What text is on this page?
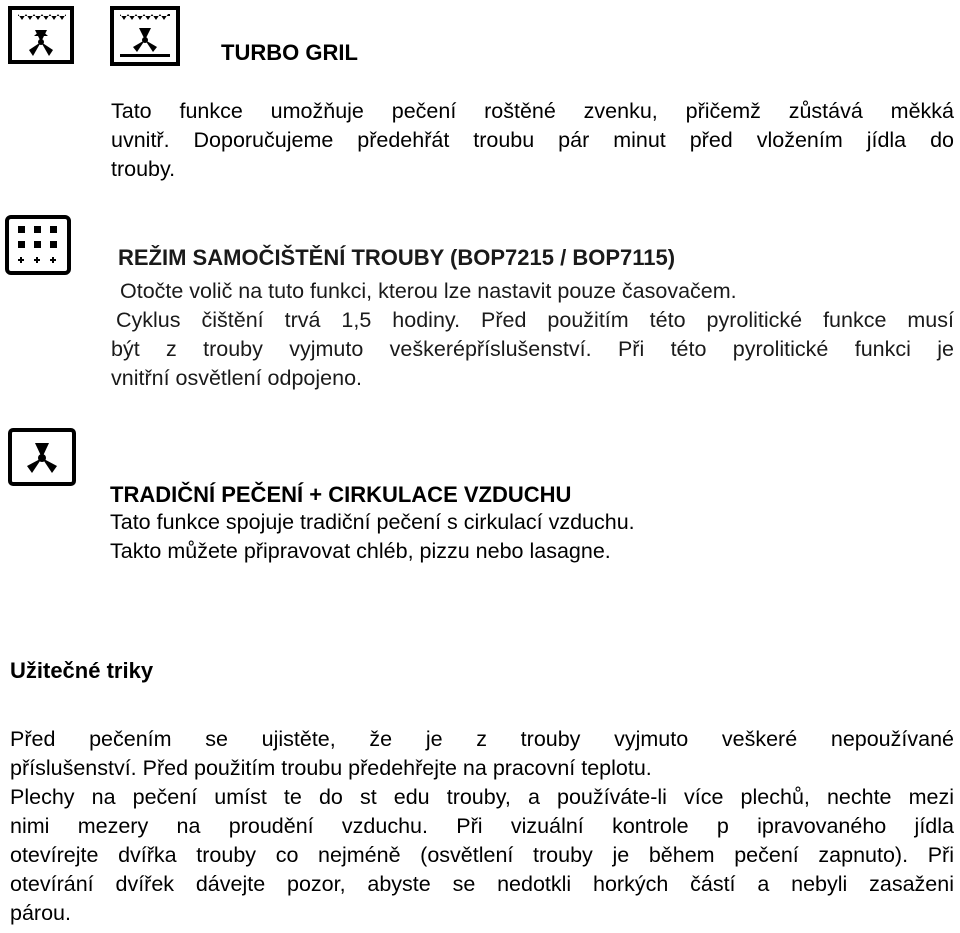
TURBO GRIL
Tato funkce umožňuje pečení roštěné zvenku, přičemž zůstává měkká
uvnitř. Doporučujeme předehřát troubu pár minut před vložením jídla do
trouby.
REŽIM SAMOČIŠTĚNÍ TROUBY (BOP7215 / BOP7115)
Otočte volič na tuto funkci, kterou lze nastavit pouze časovačem.
Cyklus čištění trvá 1,5 hodiny. Před použitím této pyrolitické funkce musí
být z trouby vyjmuto veškerépříslušenství. Při této pyrolitické funkci je
vnitřní osvětlení odpojeno.
TRADIČNÍ PEČENÍ + CIRKULACE VZDUCHU
Tato funkce spojuje tradiční pečení s cirkulací vzduchu.
Takto můžete připravovat chléb, pizzu nebo lasagne.
Užitečné triky
Před pečením se ujistěte, že je z trouby vyjmuto veškeré nepoužívané
příslušenství. Před použitím troubu předehřejte na pracovní teplotu.
Plechy na pečení umíst te do st edu trouby, a používáte-li více plechů, nechte mezi
nimi mezery na proudění vzduchu. Při vizuální kontrole p ipravovaného jídla
otevírejte dvířka trouby co nejméně (osvětlení trouby je během pečení zapnuto). Při
otevírání dvířek dávejte pozor, abyste se nedotkli horkých částí a nebyli zasaženi
párou.
